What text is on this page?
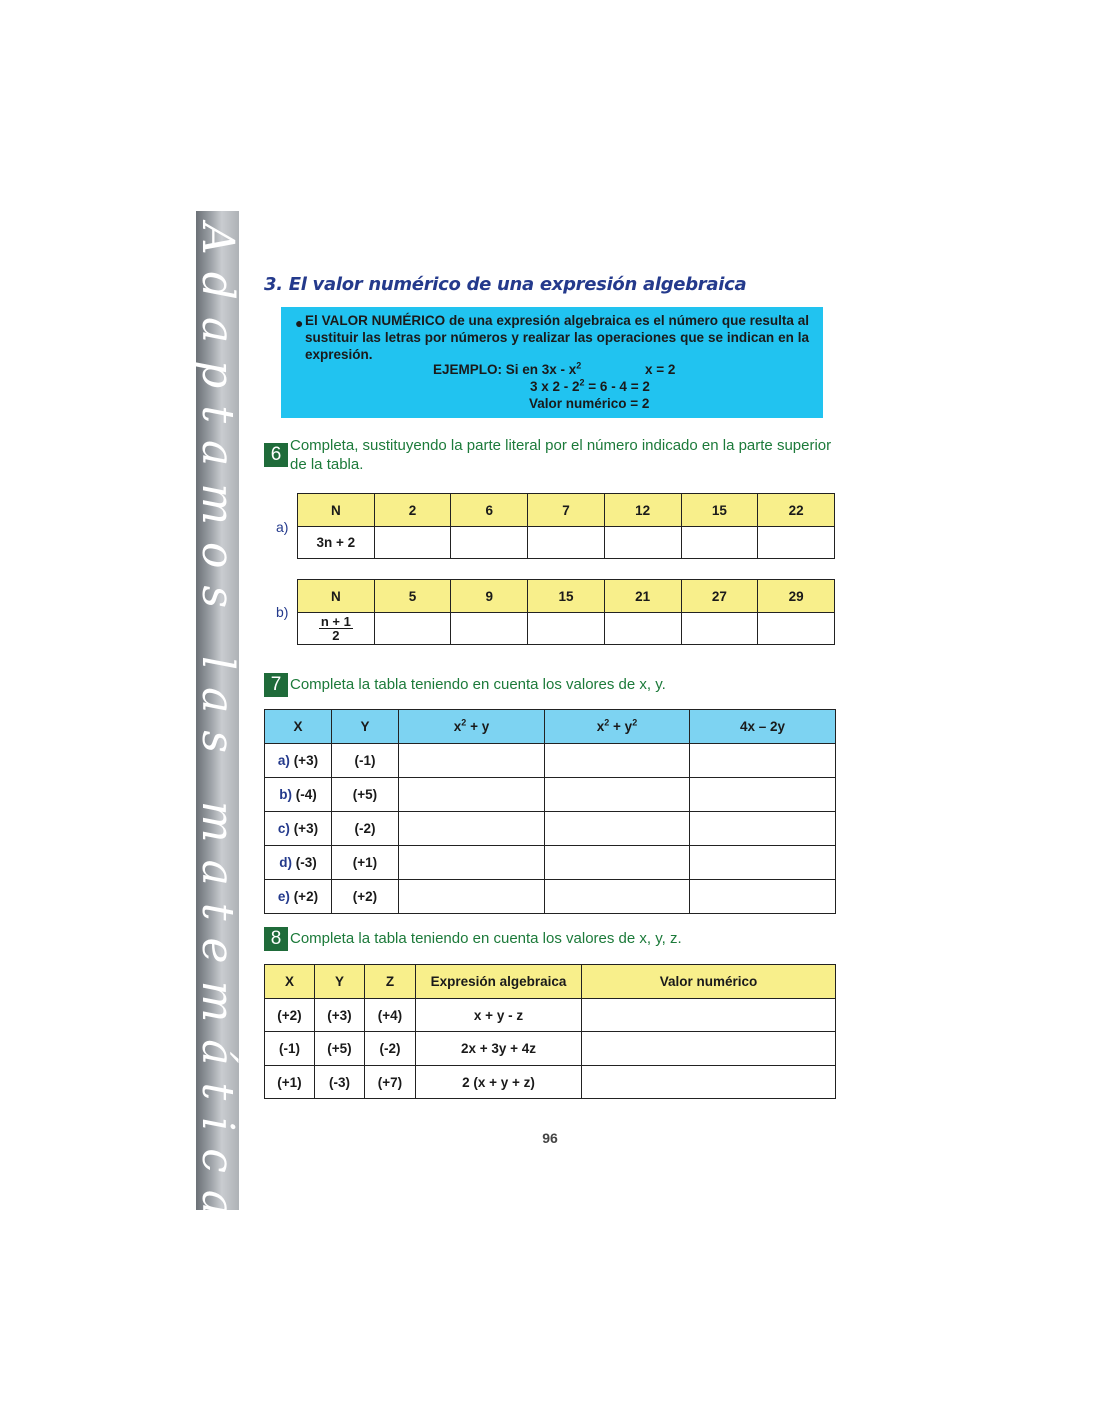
Adaptamos las matemáticas 3. El valor numérico de una expresión algebraica
● El VALOR NUMÉRICO de una expresión algebraica es el número que resulta al sustituir las letras por números y realizar las operaciones que se indican en la expresión.
EJEMPLO: Si en $3x - x^2$	x = 2
3 x $2 - 2^2 = 6 - 4 = 2$
Valor numérico = 2
6 Completa, sustituyendo la parte literal por el número indicado en la parte superior de la tabla.
a)
N	2	6	7	12	15	22
3n + 2						
b)
N	5	9	15	21	27	29

$\frac{n + 1}{2}$

7 Completa la tabla teniendo en cuenta los valores de x, y.
X	Y	$x^2 + y$	$x^2 + y^2$	4x – 2y
a) (+3)	(-1)			
b) (-4)	(+5)			
c) (+3)	(-2)			
d) (-3)	(+1)			
e) (+2)	(+2)			
8 Completa la tabla teniendo en cuenta los valores de x, y, z.
X	Y	Z	Expresión algebraica	Valor numérico
(+2)	(+3)	(+4)	x + y - z	
(-1)	(+5)	(-2)	2x + 3y + 4z	
(+1)	(-3)	(+7)	2 (x + y + z)	
96
